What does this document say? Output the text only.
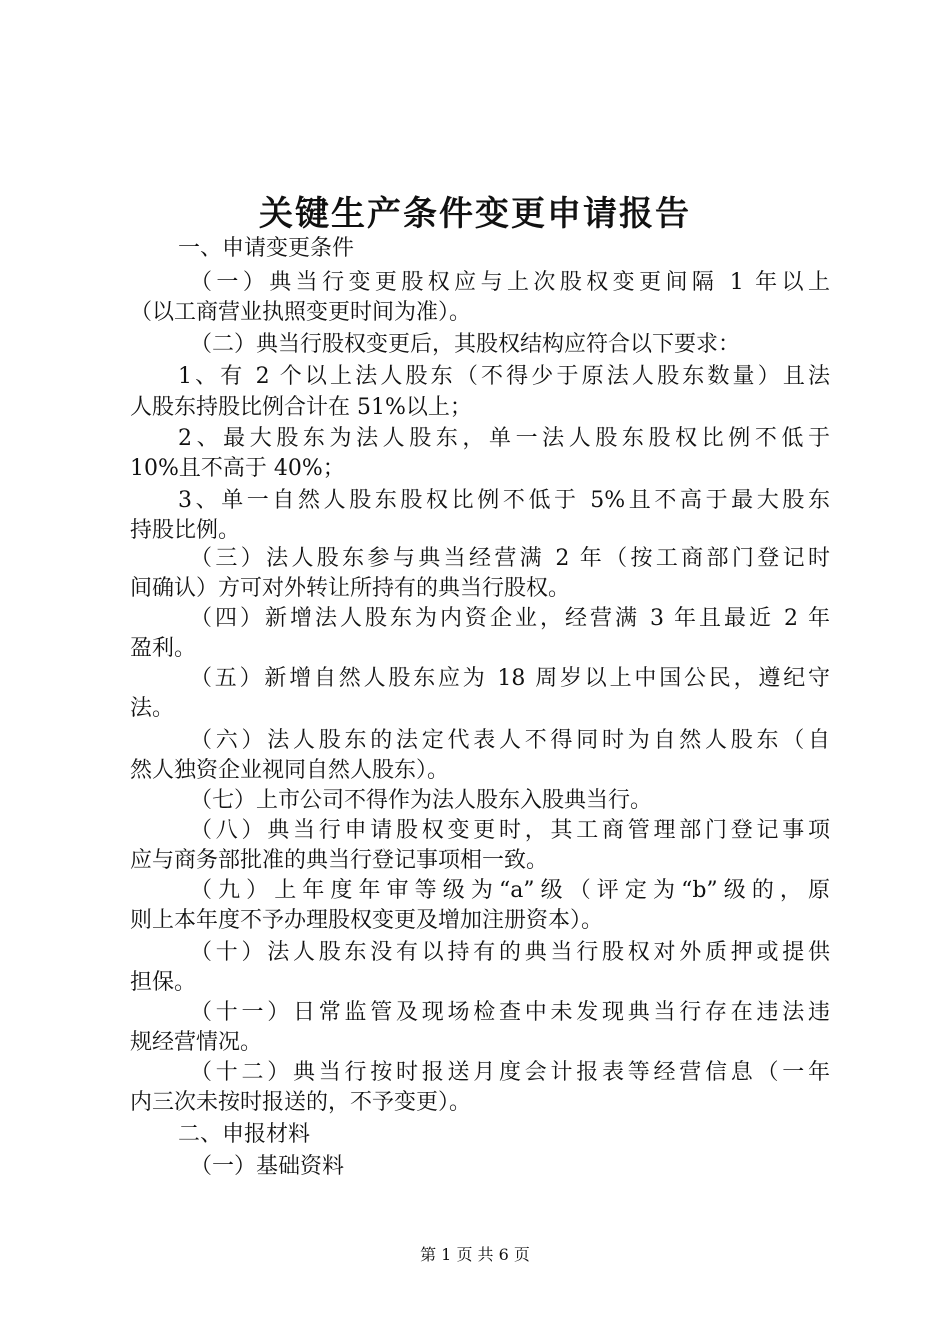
关键生产条件变更申请报告
一、申请变更条件
（一）典当行变更股权应与上次股权变更间隔 1 年以上
（以工商营业执照变更时间为准）。
（二）典当行股权变更后，其股权结构应符合以下要求：
1、有 2 个以上法人股东（不得少于原法人股东数量）且法
人股东持股比例合计在 51%以上；
2、最大股东为法人股东，单一法人股东股权比例不低于
10%且不高于 40%；
3、单一自然人股东股权比例不低于 5%且不高于最大股东
持股比例。
（三）法人股东参与典当经营满 2 年（按工商部门登记时
间确认）方可对外转让所持有的典当行股权。
（四）新增法人股东为内资企业，经营满 3 年且最近 2 年
盈利。
（五）新增自然人股东应为 18 周岁以上中国公民，遵纪守
法。
（六）法人股东的法定代表人不得同时为自然人股东（自
然人独资企业视同自然人股东）。
（七）上市公司不得作为法人股东入股典当行。
（八）典当行申请股权变更时，其工商管理部门登记事项
应与商务部批准的典当行登记事项相一致。
（九）上年度年审等级为“a”级（评定为“b”级的，原
则上本年度不予办理股权变更及增加注册资本）。
（十）法人股东没有以持有的典当行股权对外质押或提供
担保。
（十一）日常监管及现场检查中未发现典当行存在违法违
规经营情况。
（十二）典当行按时报送月度会计报表等经营信息（一年
内三次未按时报送的，不予变更）。
二、申报材料
（一）基础资料
第 1 页 共 6 页
